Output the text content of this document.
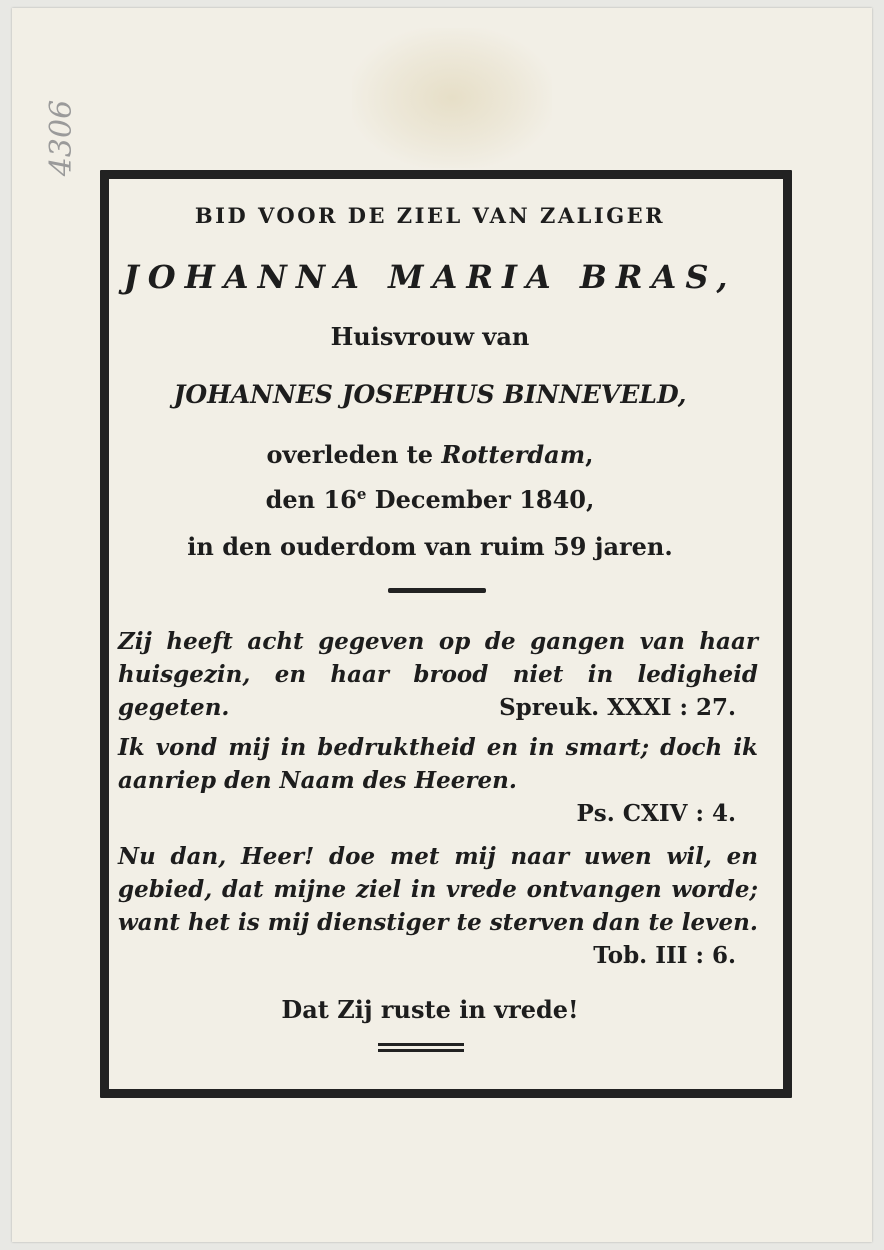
4306
BID VOOR DE ZIEL VAN ZALIGER
JOHANNA MARIA BRAS,
Huisvrouw van
JOHANNES JOSEPHUS BINNEVELD,
overleden te Rotterdam,
den 16e December 1840,
in den ouderdom van ruim 59 jaren.
Zij heeft acht gegeven op de gangen van haar huisgezin, en haar brood niet in ledigheid gegeten.	Spreuk. XXXI : 27.
Ik vond mij in bedruktheid en in smart; doch ik aanriep den Naam des Heeren.
Ps. CXIV : 4.
Nu dan, Heer! doe met mij naar uwen wil, en gebied, dat mijne ziel in vrede ontvangen worde; want het is mij dienstiger te sterven dan te leven.
Tob. III : 6.
Dat Zij ruste in vrede!
